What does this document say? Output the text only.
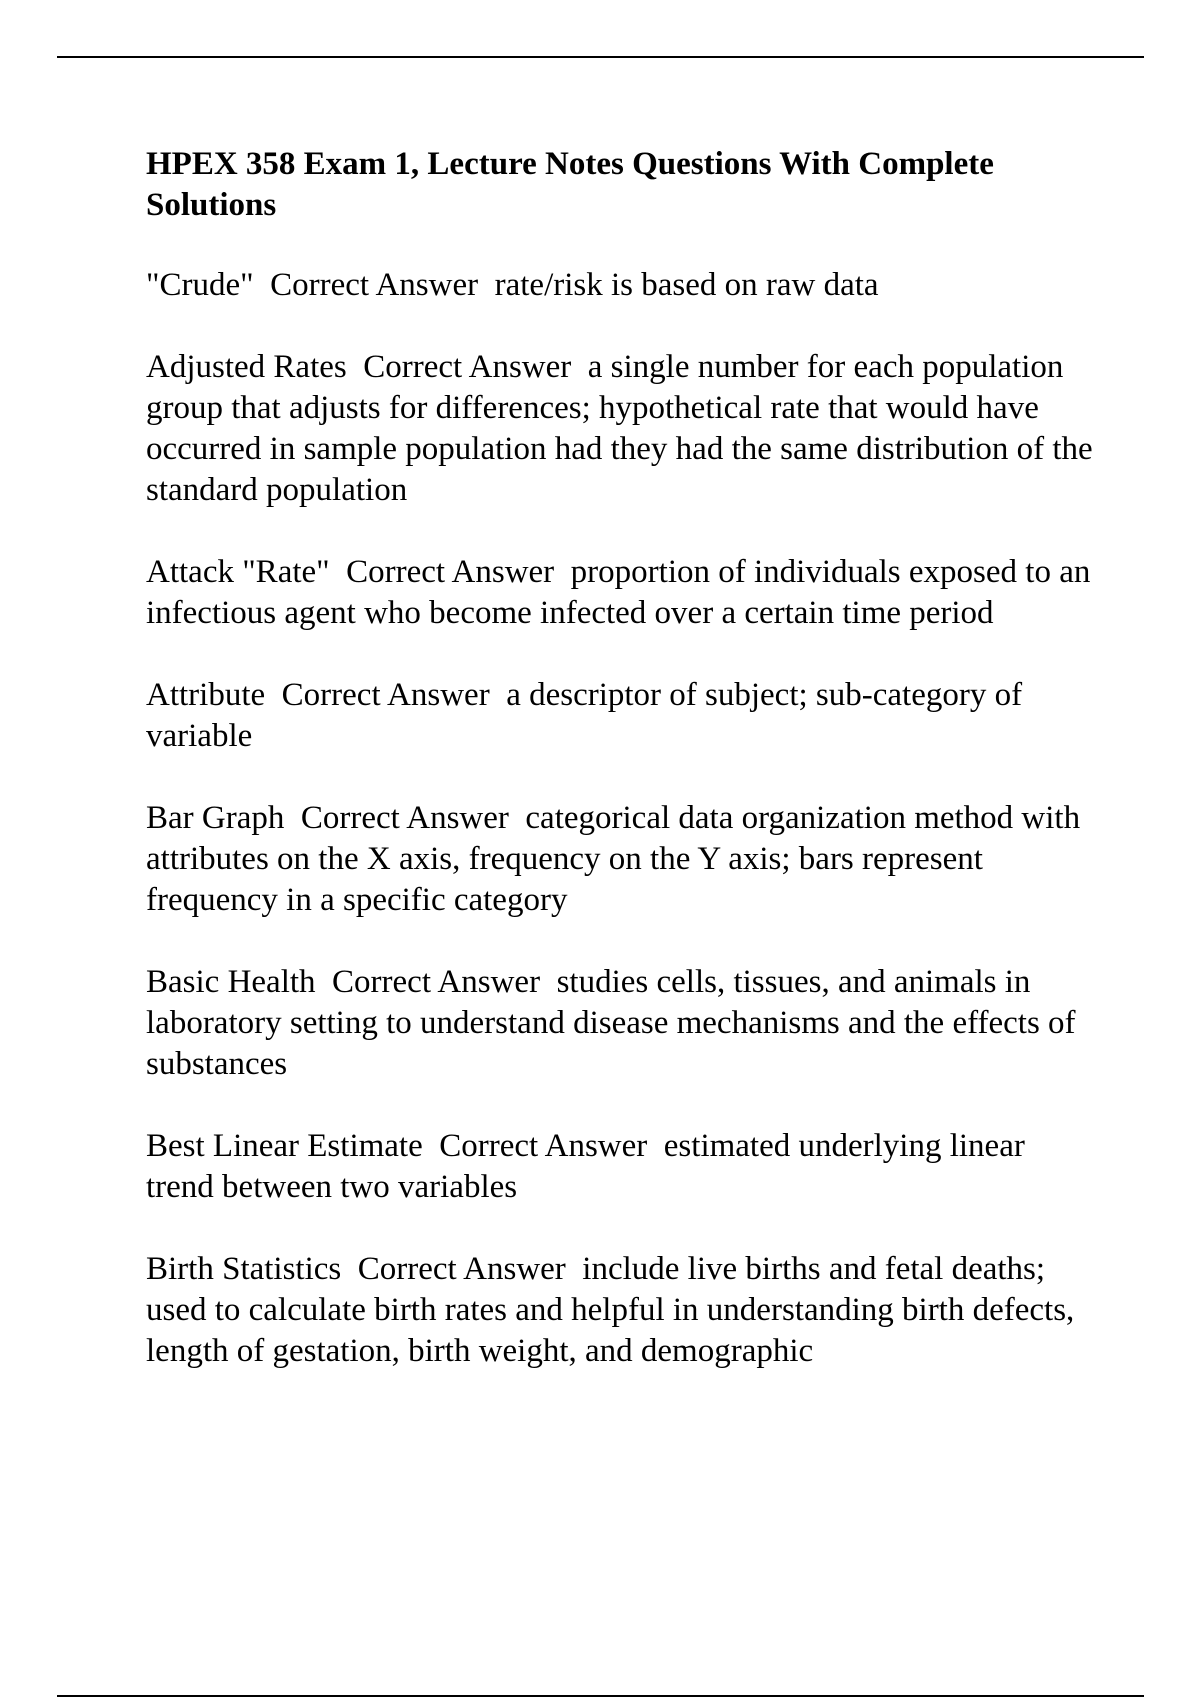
HPEX 358 Exam 1, Lecture Notes Questions With Complete Solutions
"Crude" Correct Answer rate/risk is based on raw data
Adjusted Rates Correct Answer a single number for each population group that adjusts for differences; hypothetical rate that would have occurred in sample population had they had the same distribution of the standard population
Attack "Rate" Correct Answer proportion of individuals exposed to an infectious agent who become infected over a certain time period
Attribute Correct Answer a descriptor of subject; sub-category of variable
Bar Graph Correct Answer categorical data organization method with attributes on the X axis, frequency on the Y axis; bars represent frequency in a specific category
Basic Health Correct Answer studies cells, tissues, and animals in laboratory setting to understand disease mechanisms and the effects of substances
Best Linear Estimate Correct Answer estimated underlying linear trend between two variables
Birth Statistics Correct Answer include live births and fetal deaths; used to calculate birth rates and helpful in understanding birth defects, length of gestation, birth weight, and demographic
